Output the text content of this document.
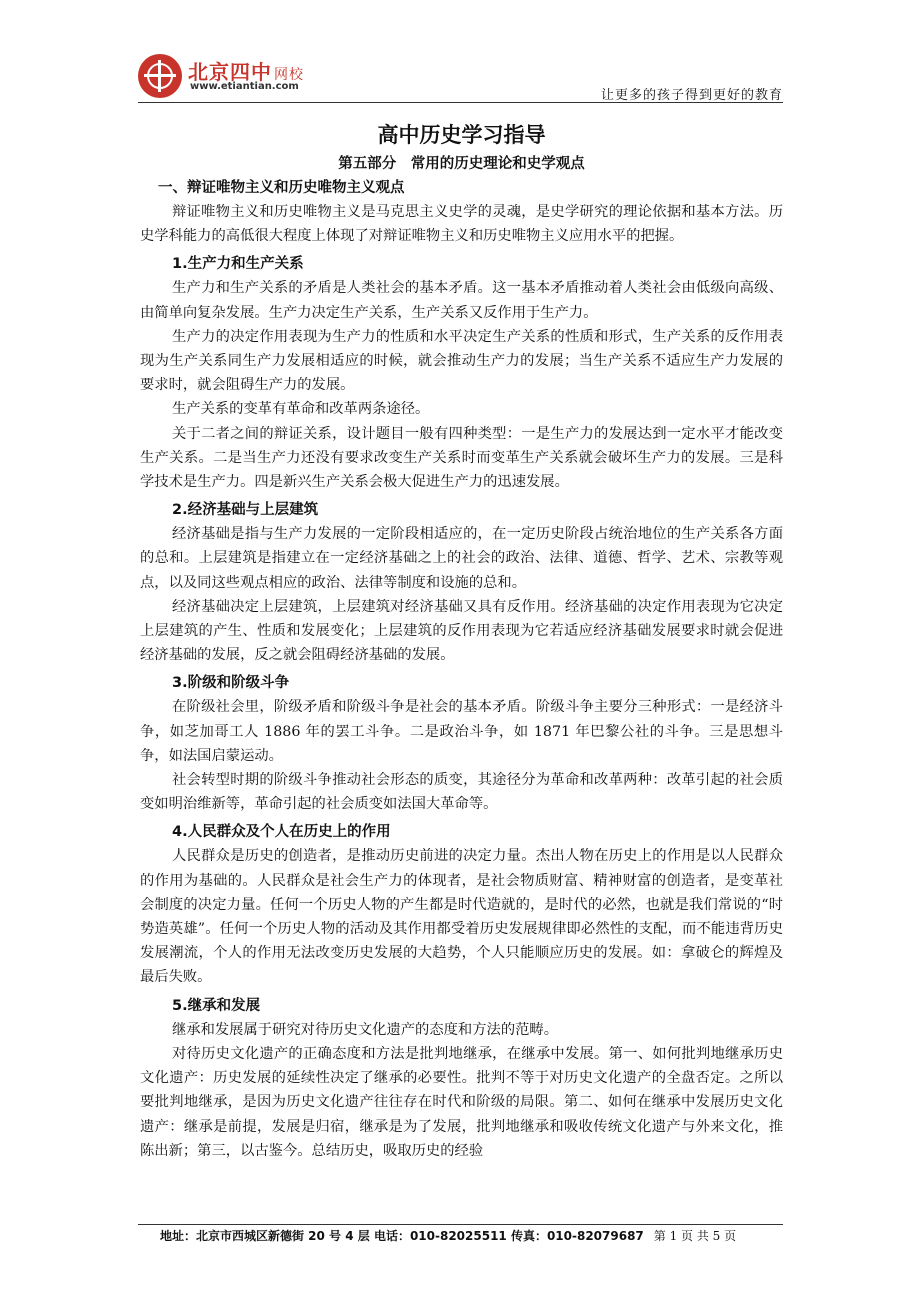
北京四中 网校
www.etiantian.com
让更多的孩子得到更好的教育
高中历史学习指导
第五部分　常用的历史理论和史学观点
一、辩证唯物主义和历史唯物主义观点

辩证唯物主义和历史唯物主义是马克思主义史学的灵魂，是史学研究的理论依据和基本方法。历史学科能力的高低很大程度上体现了对辩证唯物主义和历史唯物主义应用水平的把握。

1.生产力和生产关系

生产力和生产关系的矛盾是人类社会的基本矛盾。这一基本矛盾推动着人类社会由低级向高级、由简单向复杂发展。生产力决定生产关系，生产关系又反作用于生产力。

生产力的决定作用表现为生产力的性质和水平决定生产关系的性质和形式，生产关系的反作用表现为生产关系同生产力发展相适应的时候，就会推动生产力的发展；当生产关系不适应生产力发展的要求时，就会阻碍生产力的发展。

生产关系的变革有革命和改革两条途径。

关于二者之间的辩证关系，设计题目一般有四种类型：一是生产力的发展达到一定水平才能改变生产关系。二是当生产力还没有要求改变生产关系时而变革生产关系就会破坏生产力的发展。三是科学技术是生产力。四是新兴生产关系会极大促进生产力的迅速发展。

2.经济基础与上层建筑

经济基础是指与生产力发展的一定阶段相适应的，在一定历史阶段占统治地位的生产关系各方面的总和。上层建筑是指建立在一定经济基础之上的社会的政治、法律、道德、哲学、艺术、宗教等观点，以及同这些观点相应的政治、法律等制度和设施的总和。

经济基础决定上层建筑，上层建筑对经济基础又具有反作用。经济基础的决定作用表现为它决定上层建筑的产生、性质和发展变化；上层建筑的反作用表现为它若适应经济基础发展要求时就会促进经济基础的发展，反之就会阻碍经济基础的发展。

3.阶级和阶级斗争

在阶级社会里，阶级矛盾和阶级斗争是社会的基本矛盾。阶级斗争主要分三种形式：一是经济斗争，如芝加哥工人 1886 年的罢工斗争。二是政治斗争，如 1871 年巴黎公社的斗争。三是思想斗争，如法国启蒙运动。

社会转型时期的阶级斗争推动社会形态的质变，其途径分为革命和改革两种：改革引起的社会质变如明治维新等，革命引起的社会质变如法国大革命等。

4.人民群众及个人在历史上的作用

人民群众是历史的创造者，是推动历史前进的决定力量。杰出人物在历史上的作用是以人民群众的作用为基础的。人民群众是社会生产力的体现者，是社会物质财富、精神财富的创造者，是变革社会制度的决定力量。任何一个历史人物的产生都是时代造就的，是时代的必然，也就是我们常说的“时势造英雄”。任何一个历史人物的活动及其作用都受着历史发展规律即必然性的支配，而不能违背历史发展潮流，个人的作用无法改变历史发展的大趋势，个人只能顺应历史的发展。如：拿破仑的辉煌及最后失败。

5.继承和发展

继承和发展属于研究对待历史文化遗产的态度和方法的范畴。

对待历史文化遗产的正确态度和方法是批判地继承，在继承中发展。第一、如何批判地继承历史文化遗产：历史发展的延续性决定了继承的必要性。批判不等于对历史文化遗产的全盘否定。之所以要批判地继承，是因为历史文化遗产往往存在时代和阶级的局限。第二、如何在继承中发展历史文化遗产：继承是前提，发展是归宿，继承是为了发展，批判地继承和吸收传统文化遗产与外来文化，推陈出新；第三，以古鉴今。总结历史，吸取历史的经验

地址：北京市西城区新德街 20 号 4 层 电话：010-82025511 传真：010-82079687 第 1 页 共 5 页
